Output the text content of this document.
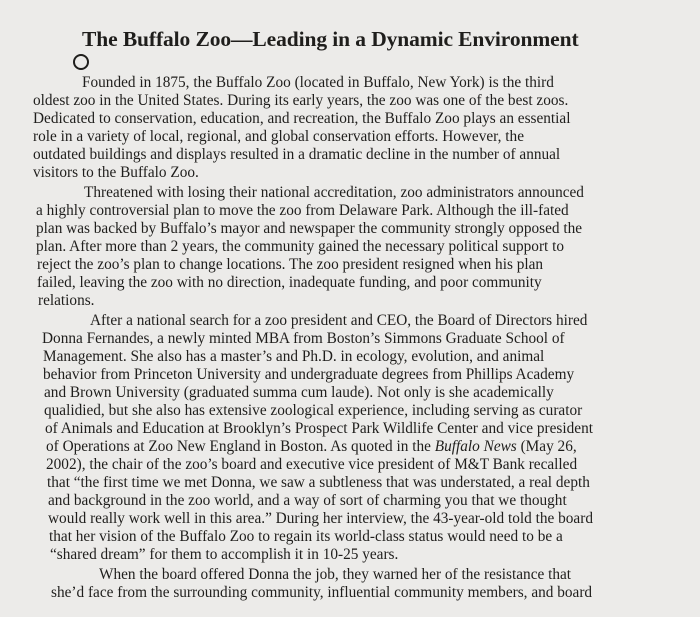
The Buffalo Zoo—Leading in a Dynamic Environment

Founded in 1875, the Buffalo Zoo (located in Buffalo, New York) is the third

oldest zoo in the United States. During its early years, the zoo was one of the best zoos.

Dedicated to conservation, education, and recreation, the Buffalo Zoo plays an essential

role in a variety of local, regional, and global conservation efforts. However, the

outdated buildings and displays resulted in a dramatic decline in the number of annual

visitors to the Buffalo Zoo.

Threatened with losing their national accreditation, zoo administrators announced

a highly controversial plan to move the zoo from Delaware Park. Although the ill-fated

plan was backed by Buffalo’s mayor and newspaper the community strongly opposed the

plan. After more than 2 years, the community gained the necessary political support to

reject the zoo’s plan to change locations. The zoo president resigned when his plan

failed, leaving the zoo with no direction, inadequate funding, and poor community

relations.

After a national search for a zoo president and CEO, the Board of Directors hired

Donna Fernandes, a newly minted MBA from Boston’s Simmons Graduate School of

Management. She also has a master’s and Ph.D. in ecology, evolution, and animal

behavior from Princeton University and undergraduate degrees from Phillips Academy

and Brown University (graduated summa cum laude). Not only is she academically

qualidied, but she also has extensive zoological experience, including serving as curator

of Animals and Education at Brooklyn’s Prospect Park Wildlife Center and vice president

of Operations at Zoo New England in Boston. As quoted in the Buffalo News (May 26,

2002), the chair of the zoo’s board and executive vice president of M&T Bank recalled

that “the first time we met Donna, we saw a subtleness that was understated, a real depth

and background in the zoo world, and a way of sort of charming you that we thought

would really work well in this area.” During her interview, the 43-year-old told the board

that her vision of the Buffalo Zoo to regain its world-class status would need to be a

“shared dream” for them to accomplish it in 10-25 years.

When the board offered Donna the job, they warned her of the resistance that

she’d face from the surrounding community, influential community members, and board
